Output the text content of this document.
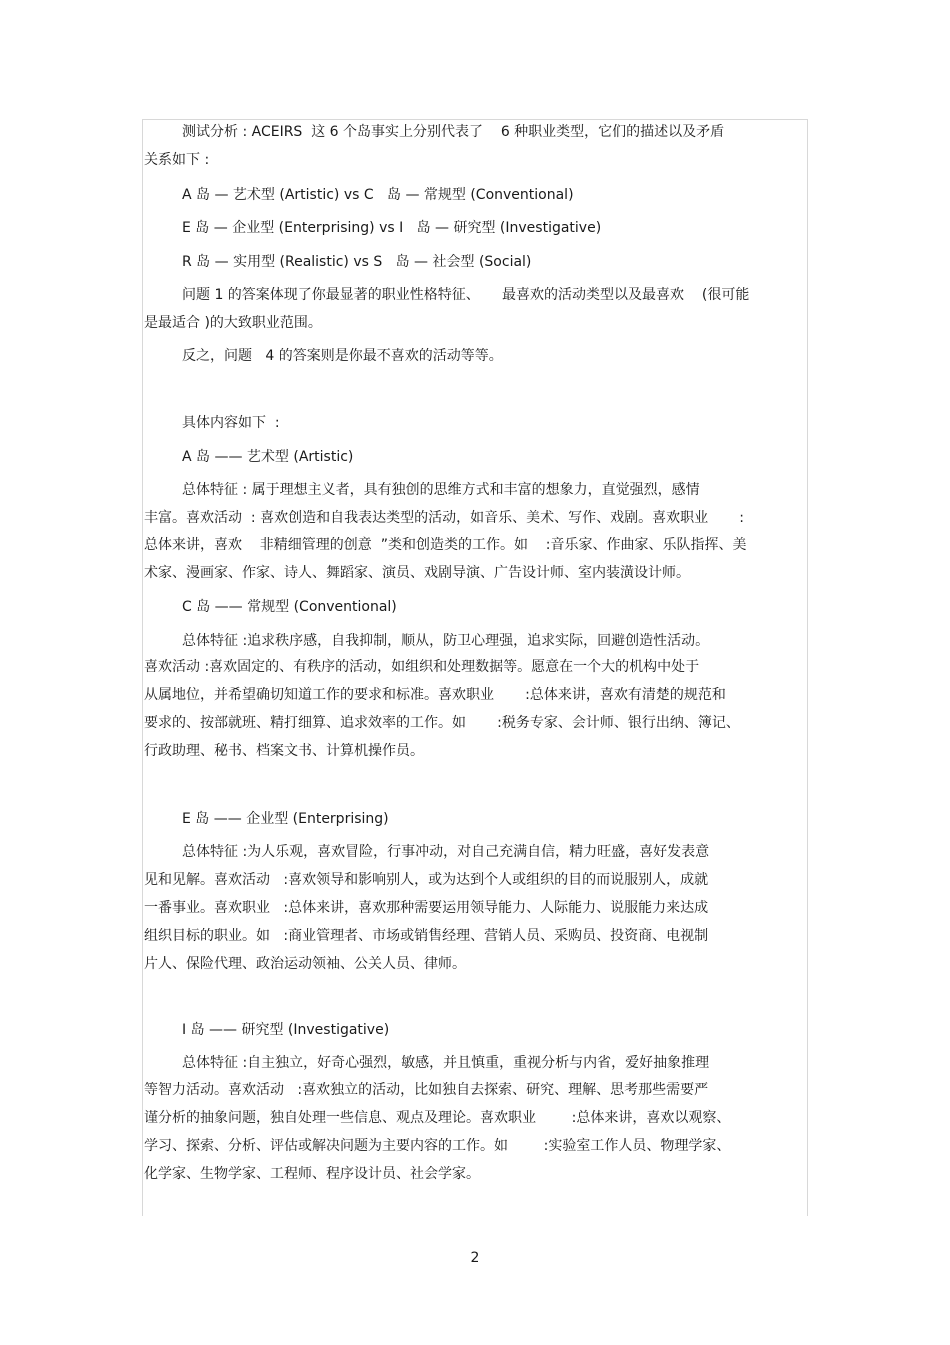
测试分析 : ACEIRS  这 6 个岛事实上分别代表了    6 种职业类型，它们的描述以及矛盾
关系如下 :
A 岛 — 艺术型 (Artistic) vs C   岛 — 常规型 (Conventional)
E 岛 — 企业型 (Enterprising) vs I   岛 — 研究型 (Investigative)
R 岛 — 实用型 (Realistic) vs S   岛 — 社会型 (Social)
问题 1 的答案体现了你最显著的职业性格特征、     最喜欢的活动类型以及最喜欢    (很可能
是最适合 )的大致职业范围。
反之，问题   4 的答案则是你最不喜欢的活动等等。
具体内容如下  :
A 岛 —— 艺术型 (Artistic)
总体特征 : 属于理想主义者，具有独创的思维方式和丰富的想象力，直觉强烈，感情
丰富。喜欢活动  : 喜欢创造和自我表达类型的活动，如音乐、美术、写作、戏剧。喜欢职业       :
总体来讲，喜欢    非精细管理的创意  ”类和创造类的工作。如    :音乐家、作曲家、乐队指挥、美
术家、漫画家、作家、诗人、舞蹈家、演员、戏剧导演、广告设计师、室内装潢设计师。
C 岛 —— 常规型 (Conventional)
总体特征 :追求秩序感，自我抑制，顺从，防卫心理强，追求实际，回避创造性活动。
喜欢活动 :喜欢固定的、有秩序的活动，如组织和处理数据等。愿意在一个大的机构中处于
从属地位，并希望确切知道工作的要求和标准。喜欢职业       :总体来讲，喜欢有清楚的规范和
要求的、按部就班、精打细算、追求效率的工作。如       :税务专家、会计师、银行出纳、簿记、
行政助理、秘书、档案文书、计算机操作员。
E 岛 —— 企业型 (Enterprising)
总体特征 :为人乐观，喜欢冒险，行事冲动，对自己充满自信，精力旺盛，喜好发表意
见和见解。喜欢活动   :喜欢领导和影响别人，或为达到个人或组织的目的而说服别人，成就
一番事业。喜欢职业   :总体来讲，喜欢那种需要运用领导能力、人际能力、说服能力来达成
组织目标的职业。如   :商业管理者、市场或销售经理、营销人员、采购员、投资商、电视制
片人、保险代理、政治运动领袖、公关人员、律师。
I 岛 —— 研究型 (Investigative)
总体特征 :自主独立，好奇心强烈，敏感，并且慎重，重视分析与内省，爱好抽象推理
等智力活动。喜欢活动   :喜欢独立的活动，比如独自去探索、研究、理解、思考那些需要严
谨分析的抽象问题，独自处理一些信息、观点及理论。喜欢职业        :总体来讲，喜欢以观察、
学习、探索、分析、评估或解决问题为主要内容的工作。如        :实验室工作人员、物理学家、
化学家、生物学家、工程师、程序设计员、社会学家。
2
